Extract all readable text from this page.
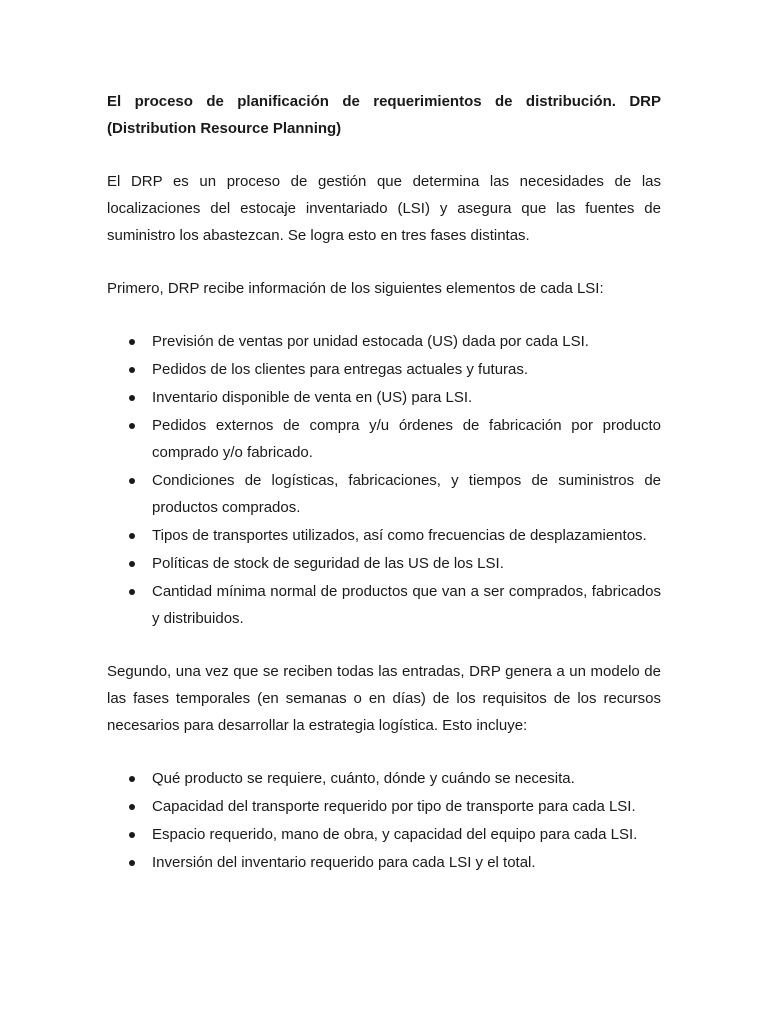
El proceso de planificación de requerimientos de distribución. DRP (Distribution Resource Planning)

El DRP es un proceso de gestión que determina las necesidades de las localizaciones del estocaje inventariado (LSI) y asegura que las fuentes de suministro los abastezcan. Se logra esto en tres fases distintas.

Primero, DRP recibe información de los siguientes elementos de cada LSI:

Previsión de ventas por unidad estocada (US) dada por cada LSI.
Pedidos de los clientes para entregas actuales y futuras.
Inventario disponible de venta en (US) para LSI.
Pedidos externos de compra y/u órdenes de fabricación por producto comprado y/o fabricado.
Condiciones de logísticas, fabricaciones, y tiempos de suministros de productos comprados.
Tipos de transportes utilizados, así como frecuencias de desplazamientos.
Políticas de stock de seguridad de las US de los LSI.
Cantidad mínima normal de productos que van a ser comprados, fabricados y distribuidos.

Segundo, una vez que se reciben todas las entradas, DRP genera a un modelo de las fases temporales (en semanas o en días) de los requisitos de los recursos necesarios para desarrollar la estrategia logística. Esto incluye:

Qué producto se requiere, cuánto, dónde y cuándo se necesita.
Capacidad del transporte requerido por tipo de transporte para cada LSI.
Espacio requerido, mano de obra, y capacidad del equipo para cada LSI.
Inversión del inventario requerido para cada LSI y el total.
